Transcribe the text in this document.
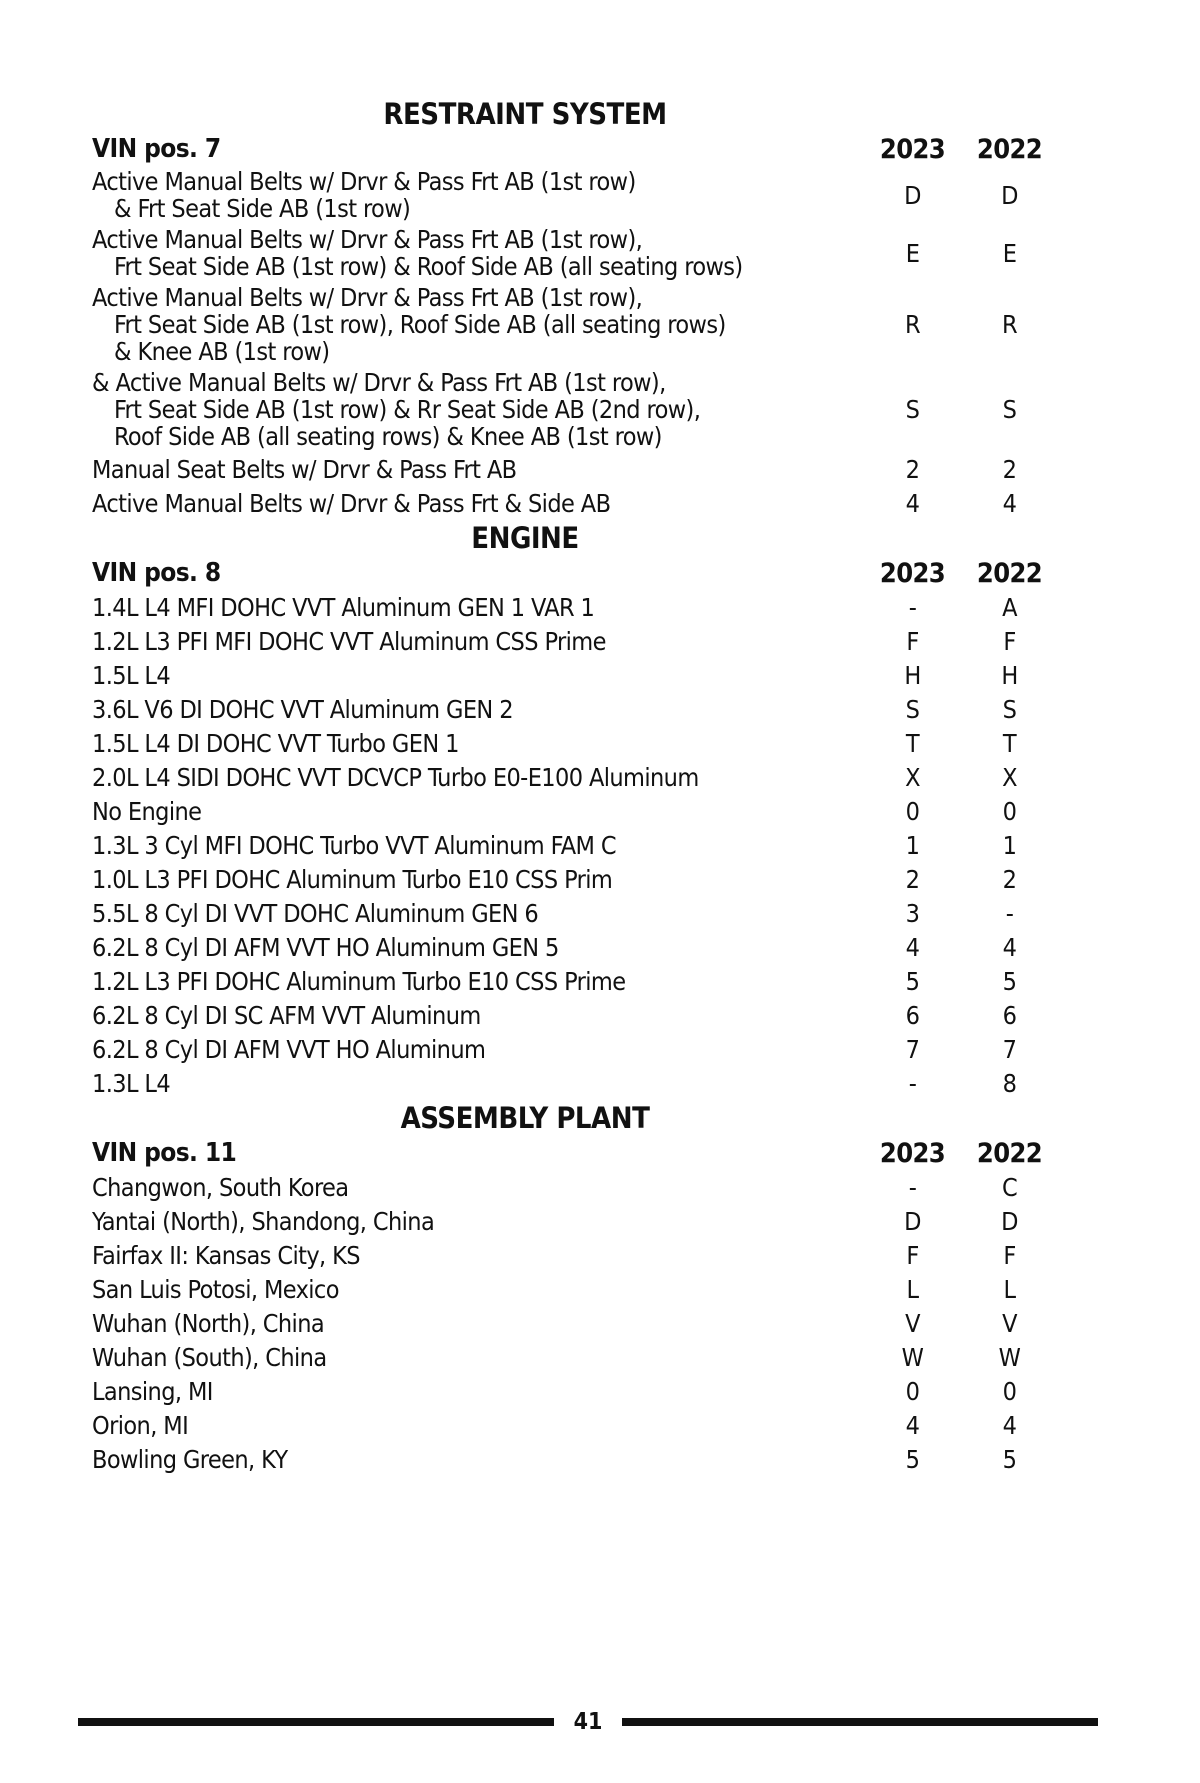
RESTRAINT SYSTEM
VIN pos. 7	2023	2022
Active Manual Belts w/ Drvr & Pass Frt AB (1st row)
& Frt Seat Side AB (1st row)	D	D
Active Manual Belts w/ Drvr & Pass Frt AB (1st row),
Frt Seat Side AB (1st row) & Roof Side AB (all seating rows)	E	E
Active Manual Belts w/ Drvr & Pass Frt AB (1st row),
Frt Seat Side AB (1st row), Roof Side AB (all seating rows)
& Knee AB (1st row)
R	R
& Active Manual Belts w/ Drvr & Pass Frt AB (1st row),
Frt Seat Side AB (1st row) & Rr Seat Side AB (2nd row),
Roof Side AB (all seating rows) & Knee AB (1st row)
S	S
Manual Seat Belts w/ Drvr & Pass Frt AB	2	2
Active Manual Belts w/ Drvr & Pass Frt & Side AB	4	4
ENGINE
VIN pos. 8	2023	2022
1.4L L4 MFI DOHC VVT Aluminum GEN 1 VAR 1	-	A
1.2L L3 PFI MFI DOHC VVT Aluminum CSS Prime	F	F
1.5L L4	H	H
3.6L V6 DI DOHC VVT Aluminum GEN 2	S	S
1.5L L4 DI DOHC VVT Turbo GEN 1	T	T
2.0L L4 SIDI DOHC VVT DCVCP Turbo E0-E100 Aluminum	X	X
No Engine	0	0
1.3L 3 Cyl MFI DOHC Turbo VVT Aluminum FAM C	1	1
1.0L L3 PFI DOHC Aluminum Turbo E10 CSS Prim	2	2
5.5L 8 Cyl DI VVT DOHC Aluminum GEN 6	3	-
6.2L 8 Cyl DI AFM VVT HO Aluminum GEN 5	4	4
1.2L L3 PFI DOHC Aluminum Turbo E10 CSS Prime	5	5
6.2L 8 Cyl DI SC AFM VVT Aluminum	6	6
6.2L 8 Cyl DI AFM VVT HO Aluminum	7	7
1.3L L4	-	8
ASSEMBLY PLANT
VIN pos. 11	2023	2022
Changwon, South Korea	-	C
Yantai (North), Shandong, China	D	D
Fairfax II: Kansas City, KS	F	F
San Luis Potosi, Mexico	L	L
Wuhan (North), China	V	V
Wuhan (South), China	W	W
Lansing, MI	0	0
Orion, MI	4	4
Bowling Green, KY	5	5
41
